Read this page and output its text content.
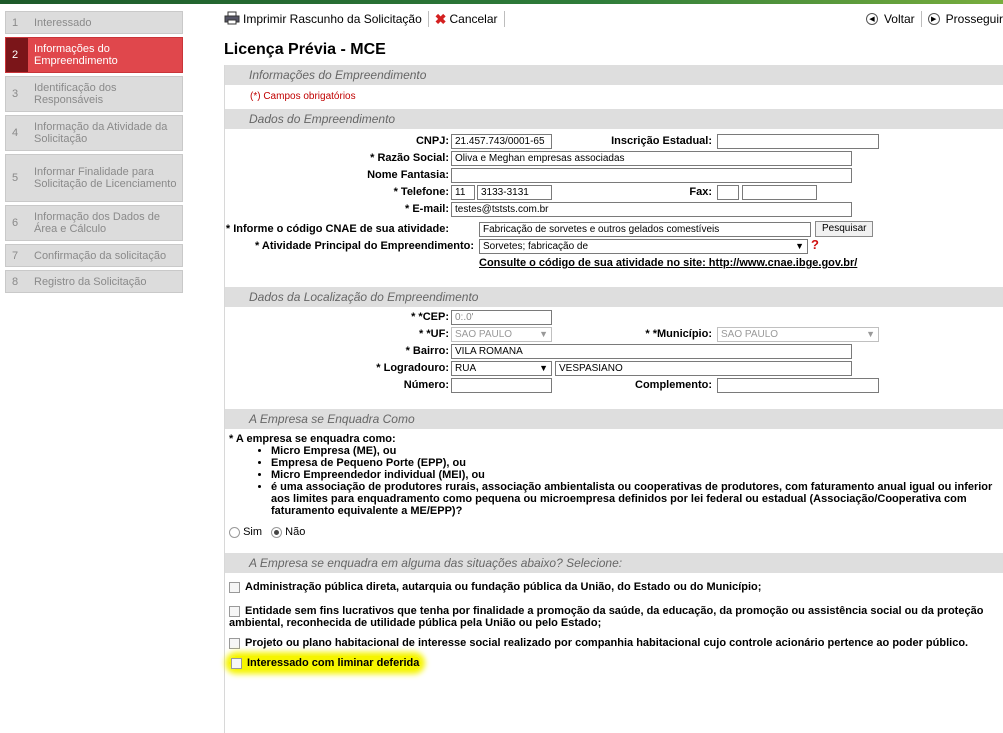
1	Interessado
2	Informações do Empreendimento
3	Identificação dos Responsáveis
4	Informação da Atividade da Solicitação
5	Informar Finalidade para Solicitação de Licenciamento
6	Informação dos Dados de Área e Cálculo
7	Confirmação da solicitação
8	Registro da Solicitação
Imprimir Rascunho da Solicitação ✖ Cancelar	◀ Voltar	▶ Prosseguir
Licença Prévia - MCE
Informações do Empreendimento
(*) Campos obrigatórios
Dados do Empreendimento
CNPJ: 21.457.743/0001-65	Inscrição Estadual:
* Razão Social: Oliva e Meghan empresas associadas
Nome Fantasia:
* Telefone: 11	3133-3131	Fax:
* E-mail: testes@tststs.com.br
* Informe o código CNAE de sua atividade:	Fabricação de sorvetes e outros gelados comestíveis	Pesquisar
* Atividade Principal do Empreendimento: Sorvetes; fabricação de	▼ ?
Consulte o código de sua atividade no site: http://www.cnae.ibge.gov.br/
Dados da Localização do Empreendimento
* *CEP: 0:.0'
* *UF: SAO PAULO	▼	* *Município: SAO PAULO	▼
* Bairro: VILA ROMANA
* Logradouro: RUA	▼	VESPASIANO
Número:	Complemento:
A Empresa se Enquadra Como
* A empresa se enquadra como:
• Micro Empresa (ME), ou
• Empresa de Pequeno Porte (EPP), ou
• Micro Empreendedor individual (MEI), ou
• é uma associação de produtores rurais, associação ambientalista ou cooperativas de produtores, com faturamento anual igual ou inferior aos limites para enquadramento como pequena ou microempresa definidos por lei federal ou estadual (Associação/Cooperativa com faturamento equivalente a ME/EPP)?
Sim Não
A Empresa se enquadra em alguma das situações abaixo? Selecione:
Administração pública direta, autarquia ou fundação pública da União, do Estado ou do Município;
Entidade sem fins lucrativos que tenha por finalidade a promoção da saúde, da educação, da promoção ou assistência social ou da proteção ambiental, reconhecida de utilidade pública pela União ou pelo Estado;
Projeto ou plano habitacional de interesse social realizado por companhia habitacional cujo controle acionário pertence ao poder público.
Interessado com liminar deferida
